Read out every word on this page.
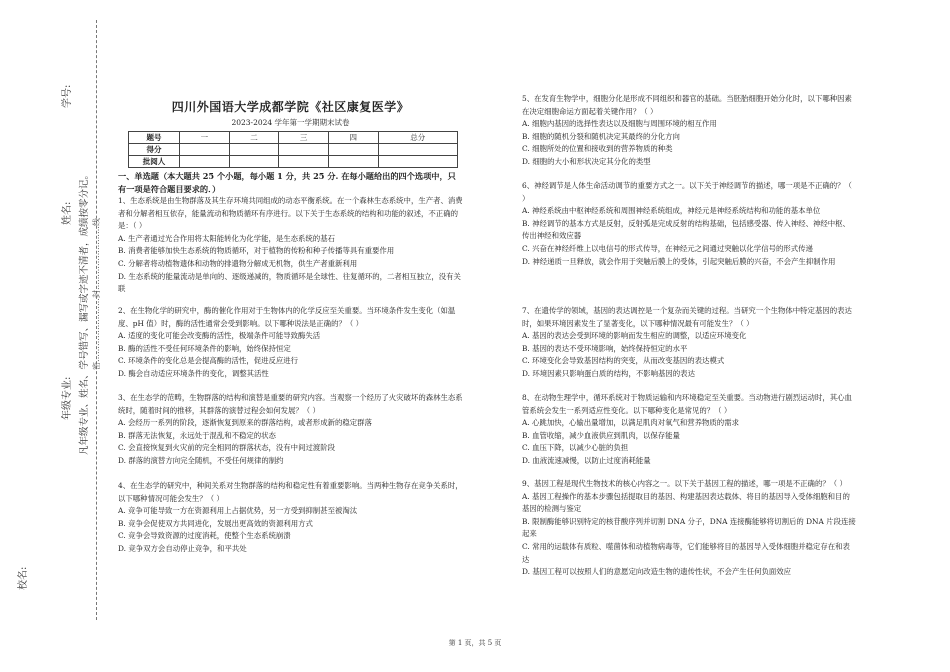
学号:
姓名:
年级专业:
校名:
凡年级专业、姓名、学号错写、漏写或字迹不清者，成绩按零分记。 密……………………封……………………线
四川外国语大学成都学院《社区康复医学》
2023-2024 学年第一学期期末试卷
题号	一	二	三	四	总分
得分					
批阅人					
一、单选题（本大题共 25 个小题，每小题 1 分，共 25 分. 在每小题给出的四个选项中，只有一项是符合题目要求的．）

1、生态系统是由生物群落及其生存环境共同组成的动态平衡系统。在一个森林生态系统中，生产者、消费者和分解者相互依存，能量流动和物质循环有序进行。以下关于生态系统的结构和功能的叙述，不正确的是：（ ）

A. 生产者通过光合作用将太阳能转化为化学能，是生态系统的基石

B. 消费者能够加快生态系统的物质循环，对于植物的传粉和种子传播等具有重要作用

C. 分解者将动植物遗体和动物的排遗物分解成无机物，供生产者重新利用

D. 生态系统的能量流动是单向的、逐级递减的，物质循环是全球性、往复循环的，二者相互独立，没有关联

2、在生物化学的研究中，酶的催化作用对于生物体内的化学反应至关重要。当环境条件发生变化（如温度、pH 值）时，酶的活性通常会受到影响。以下哪种说法是正确的？（ ）

A. 适度的变化可能会改变酶的活性，极端条件可能导致酶失活

B. 酶的活性不受任何环境条件的影响，始终保持恒定

C. 环境条件的变化总是会提高酶的活性，促进反应进行

D. 酶会自动适应环境条件的变化，调整其活性

3、在生态学的范畴，生物群落的结构和演替是重要的研究内容。当观察一个经历了火灾破坏的森林生态系统时，随着时间的推移，其群落的演替过程会如何发展？（ ）

A. 会经历一系列的阶段，逐渐恢复到原来的群落结构，或者形成新的稳定群落

B. 群落无法恢复，永远处于混乱和不稳定的状态

C. 会直接恢复到火灾前的完全相同的群落状态，没有中间过渡阶段

D. 群落的演替方向完全随机，不受任何规律的制约

4、在生态学的研究中，种间关系对生物群落的结构和稳定性有着重要影响。当两种生物存在竞争关系时，以下哪种情况可能会发生？（ ）

A. 竞争可能导致一方在资源利用上占据优势，另一方受到抑制甚至被淘汰

B. 竞争会促使双方共同进化，发展出更高效的资源利用方式

C. 竞争会导致资源的过度消耗，使整个生态系统崩溃

D. 竞争双方会自动停止竞争，和平共处

5、在发育生物学中，细胞分化是形成不同组织和器官的基础。当胚胎细胞开始分化时，以下哪种因素在决定细胞命运方面起着关键作用？（ ）

A. 细胞内基因的选择性表达以及细胞与周围环境的相互作用

B. 细胞的随机分裂和随机决定其最终的分化方向

C. 细胞所处的位置和接收到的营养物质的种类

D. 细胞的大小和形状决定其分化的类型

6、神经调节是人体生命活动调节的重要方式之一。以下关于神经调节的描述，哪一项是不正确的？（ ）

A. 神经系统由中枢神经系统和周围神经系统组成，神经元是神经系统结构和功能的基本单位

B. 神经调节的基本方式是反射，反射弧是完成反射的结构基础，包括感受器、传入神经、神经中枢、传出神经和效应器

C. 兴奋在神经纤维上以电信号的形式传导，在神经元之间通过突触以化学信号的形式传递

D. 神经递质一旦释放，就会作用于突触后膜上的受体，引起突触后膜的兴奋，不会产生抑制作用

7、在遗传学的领域，基因的表达调控是一个复杂而关键的过程。当研究一个生物体中特定基因的表达时，如果环境因素发生了显著变化，以下哪种情况最有可能发生？（ ）

A. 基因的表达会受到环境的影响而发生相应的调整，以适应环境变化

B. 基因的表达不受环境影响，始终保持恒定的水平

C. 环境变化会导致基因结构的突变，从而改变基因的表达模式

D. 环境因素只影响蛋白质的结构，不影响基因的表达

8、在动物生理学中，循环系统对于物质运输和内环境稳定至关重要。当动物进行剧烈运动时，其心血管系统会发生一系列适应性变化。以下哪种变化是常见的？（ ）

A. 心跳加快，心输出量增加，以满足肌肉对氧气和营养物质的需求

B. 血管收缩，减少血液供应到肌肉，以保存能量

C. 血压下降，以减少心脏的负担

D. 血液流速减慢，以防止过度消耗能量

9、基因工程是现代生物技术的核心内容之一。以下关于基因工程的描述，哪一项是不正确的？（ ）

A. 基因工程操作的基本步骤包括提取目的基因、构建基因表达载体、将目的基因导入受体细胞和目的基因的检测与鉴定

B. 限制酶能够识别特定的核苷酸序列并切割 DNA 分子，DNA 连接酶能够将切割后的 DNA 片段连接起来

C. 常用的运载体有质粒、噬菌体和动植物病毒等，它们能够将目的基因导入受体细胞并稳定存在和表达

D. 基因工程可以按照人们的意愿定向改造生物的遗传性状，不会产生任何负面效应

第 1 页，共 5 页
